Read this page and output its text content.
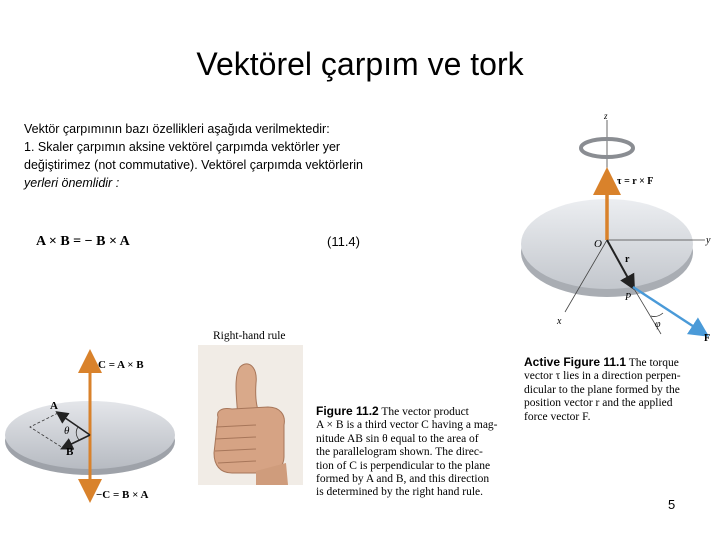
Vektörel çarpım ve tork
Vektör çarpımının bazı özellikleri aşağıda verilmektedir:
1. Skaler çarpımın aksine vektörel çarpımda vektörler yer
değiştirimez (not commutative). Vektörel çarpımda vektörlerin
yerleri önemlidir :
A × B = − B × A	(11.4)
C = A × B
A
θ
B
−C = B × A
Right-hand rule
Figure 11.2 The vector product
A × B is a third vector C having a mag-
nitude AB sin θ equal to the area of
the parallelogram shown. The direc-
tion of C is perpendicular to the plane
formed by A and B, and this direction
is determined by the right hand rule.
z
τ = r × F
O	y
r
P
φ
x
F
Active Figure 11.1 The torque
vector τ lies in a direction perpen-
dicular to the plane formed by the
position vector r and the applied
force vector F.
5
